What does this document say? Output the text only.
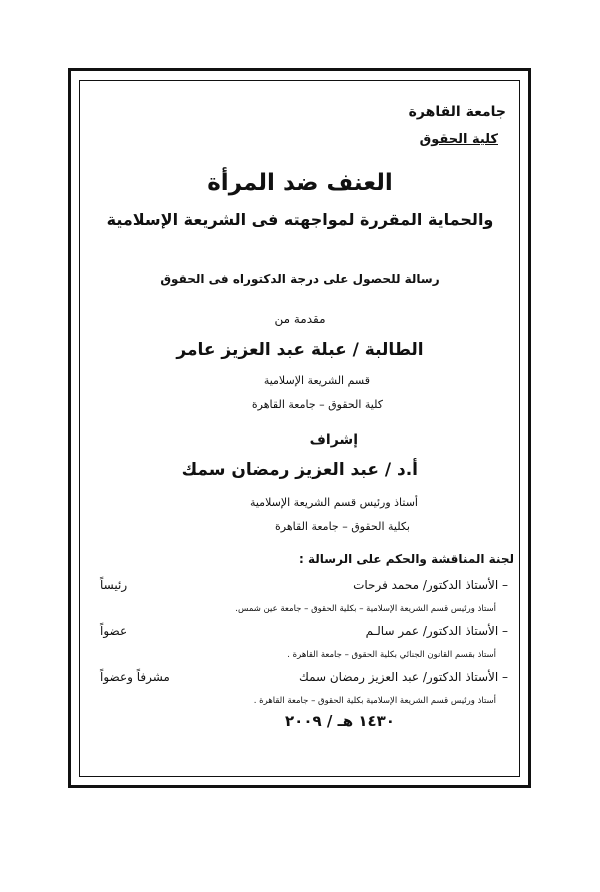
جامعة القاهرة
كلية الحقوق
العنف ضد المرأة
والحماية المقررة لمواجهته فى الشريعة الإسلامية
رسالة للحصول على درجة الدكتوراه فى الحقوق
مقدمة من
الطالبة / عبلة عبد العزيز عامر
قسم الشريعة الإسلامية
كلية الحقوق – جامعة القاهرة
إشراف
أ.د / عبد العزيز رمضان سمك
أستاذ ورئيس قسم الشريعة الإسلامية
بكلية الحقوق – جامعة القاهرة
لجنة المناقشة والحكم على الرسالة :
– الأستاذ الدكتور/ محمد فرحات
رئيساً
أستاذ ورئيس قسم الشريعة الإسلامية – بكلية الحقوق – جامعة عين شمس.
– الأستاذ الدكتور/ عمر سالـم
عضواً
أستاذ بقسم القانون الجنائي بكلية الحقوق – جامعة القاهرة .
– الأستاذ الدكتور/ عبد العزيز رمضان سمك
مشرفاً وعضواً
أستاذ ورئيس قسم الشريعة الإسلامية بكلية الحقوق – جامعة القاهرة .
١٤٣٠ هـ / ٢٠٠٩
